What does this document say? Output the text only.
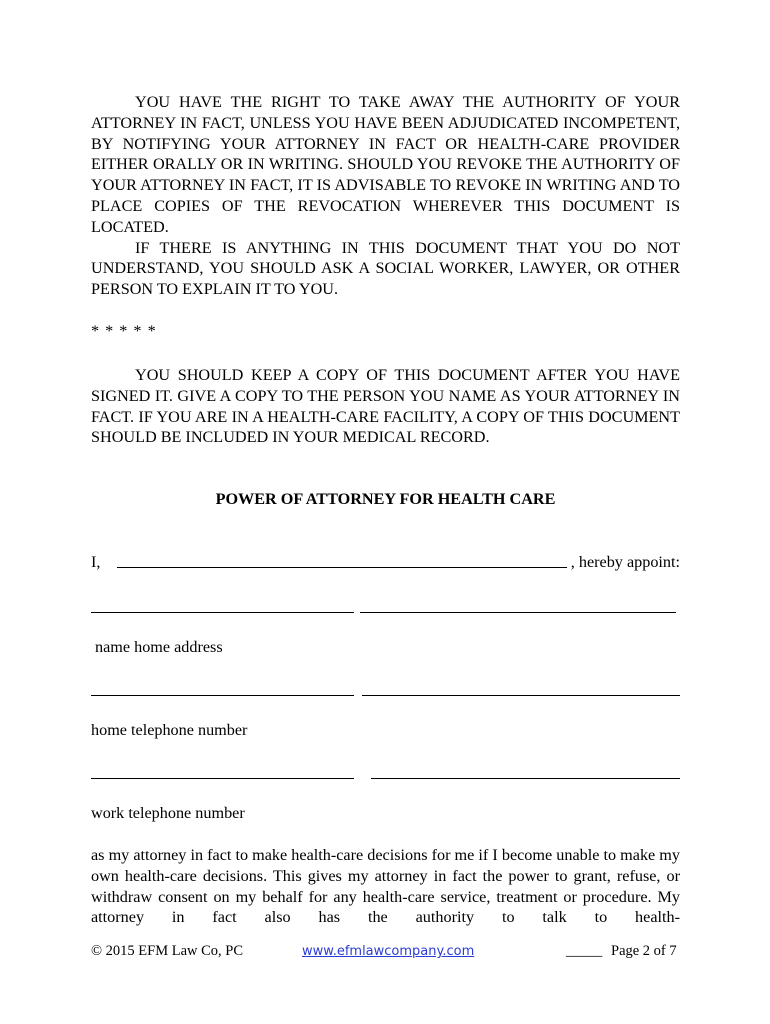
YOU HAVE THE RIGHT TO TAKE AWAY THE AUTHORITY OF YOUR ATTORNEY IN FACT, UNLESS YOU HAVE BEEN ADJUDICATED INCOMPETENT, BY NOTIFYING YOUR ATTORNEY IN FACT OR HEALTH-CARE PROVIDER EITHER ORALLY OR IN WRITING. SHOULD YOU REVOKE THE AUTHORITY OF YOUR ATTORNEY IN FACT, IT IS ADVISABLE TO REVOKE IN WRITING AND TO PLACE COPIES OF THE REVOCATION WHEREVER THIS DOCUMENT IS LOCATED.

IF THERE IS ANYTHING IN THIS DOCUMENT THAT YOU DO NOT UNDERSTAND, YOU SHOULD ASK A SOCIAL WORKER, LAWYER, OR OTHER PERSON TO EXPLAIN IT TO YOU.

* * * * *

YOU SHOULD KEEP A COPY OF THIS DOCUMENT AFTER YOU HAVE SIGNED IT. GIVE A COPY TO THE PERSON YOU NAME AS YOUR ATTORNEY IN FACT. IF YOU ARE IN A HEALTH-CARE FACILITY, A COPY OF THIS DOCUMENT SHOULD BE INCLUDED IN YOUR MEDICAL RECORD.

POWER OF ATTORNEY FOR HEALTH CARE
I,	, hereby appoint:
name home address
home telephone number
work telephone number

as my attorney in fact to make health-care decisions for me if I become unable to make my own health-care decisions. This gives my attorney in fact the power to grant, refuse, or withdraw consent on my behalf for any health-care service, treatment or procedure. My attorney in fact also has the authority to talk to health-

© 2015 EFM Law Co, PC	www.efmlawcompany.com	_____ Page 2 of 7
